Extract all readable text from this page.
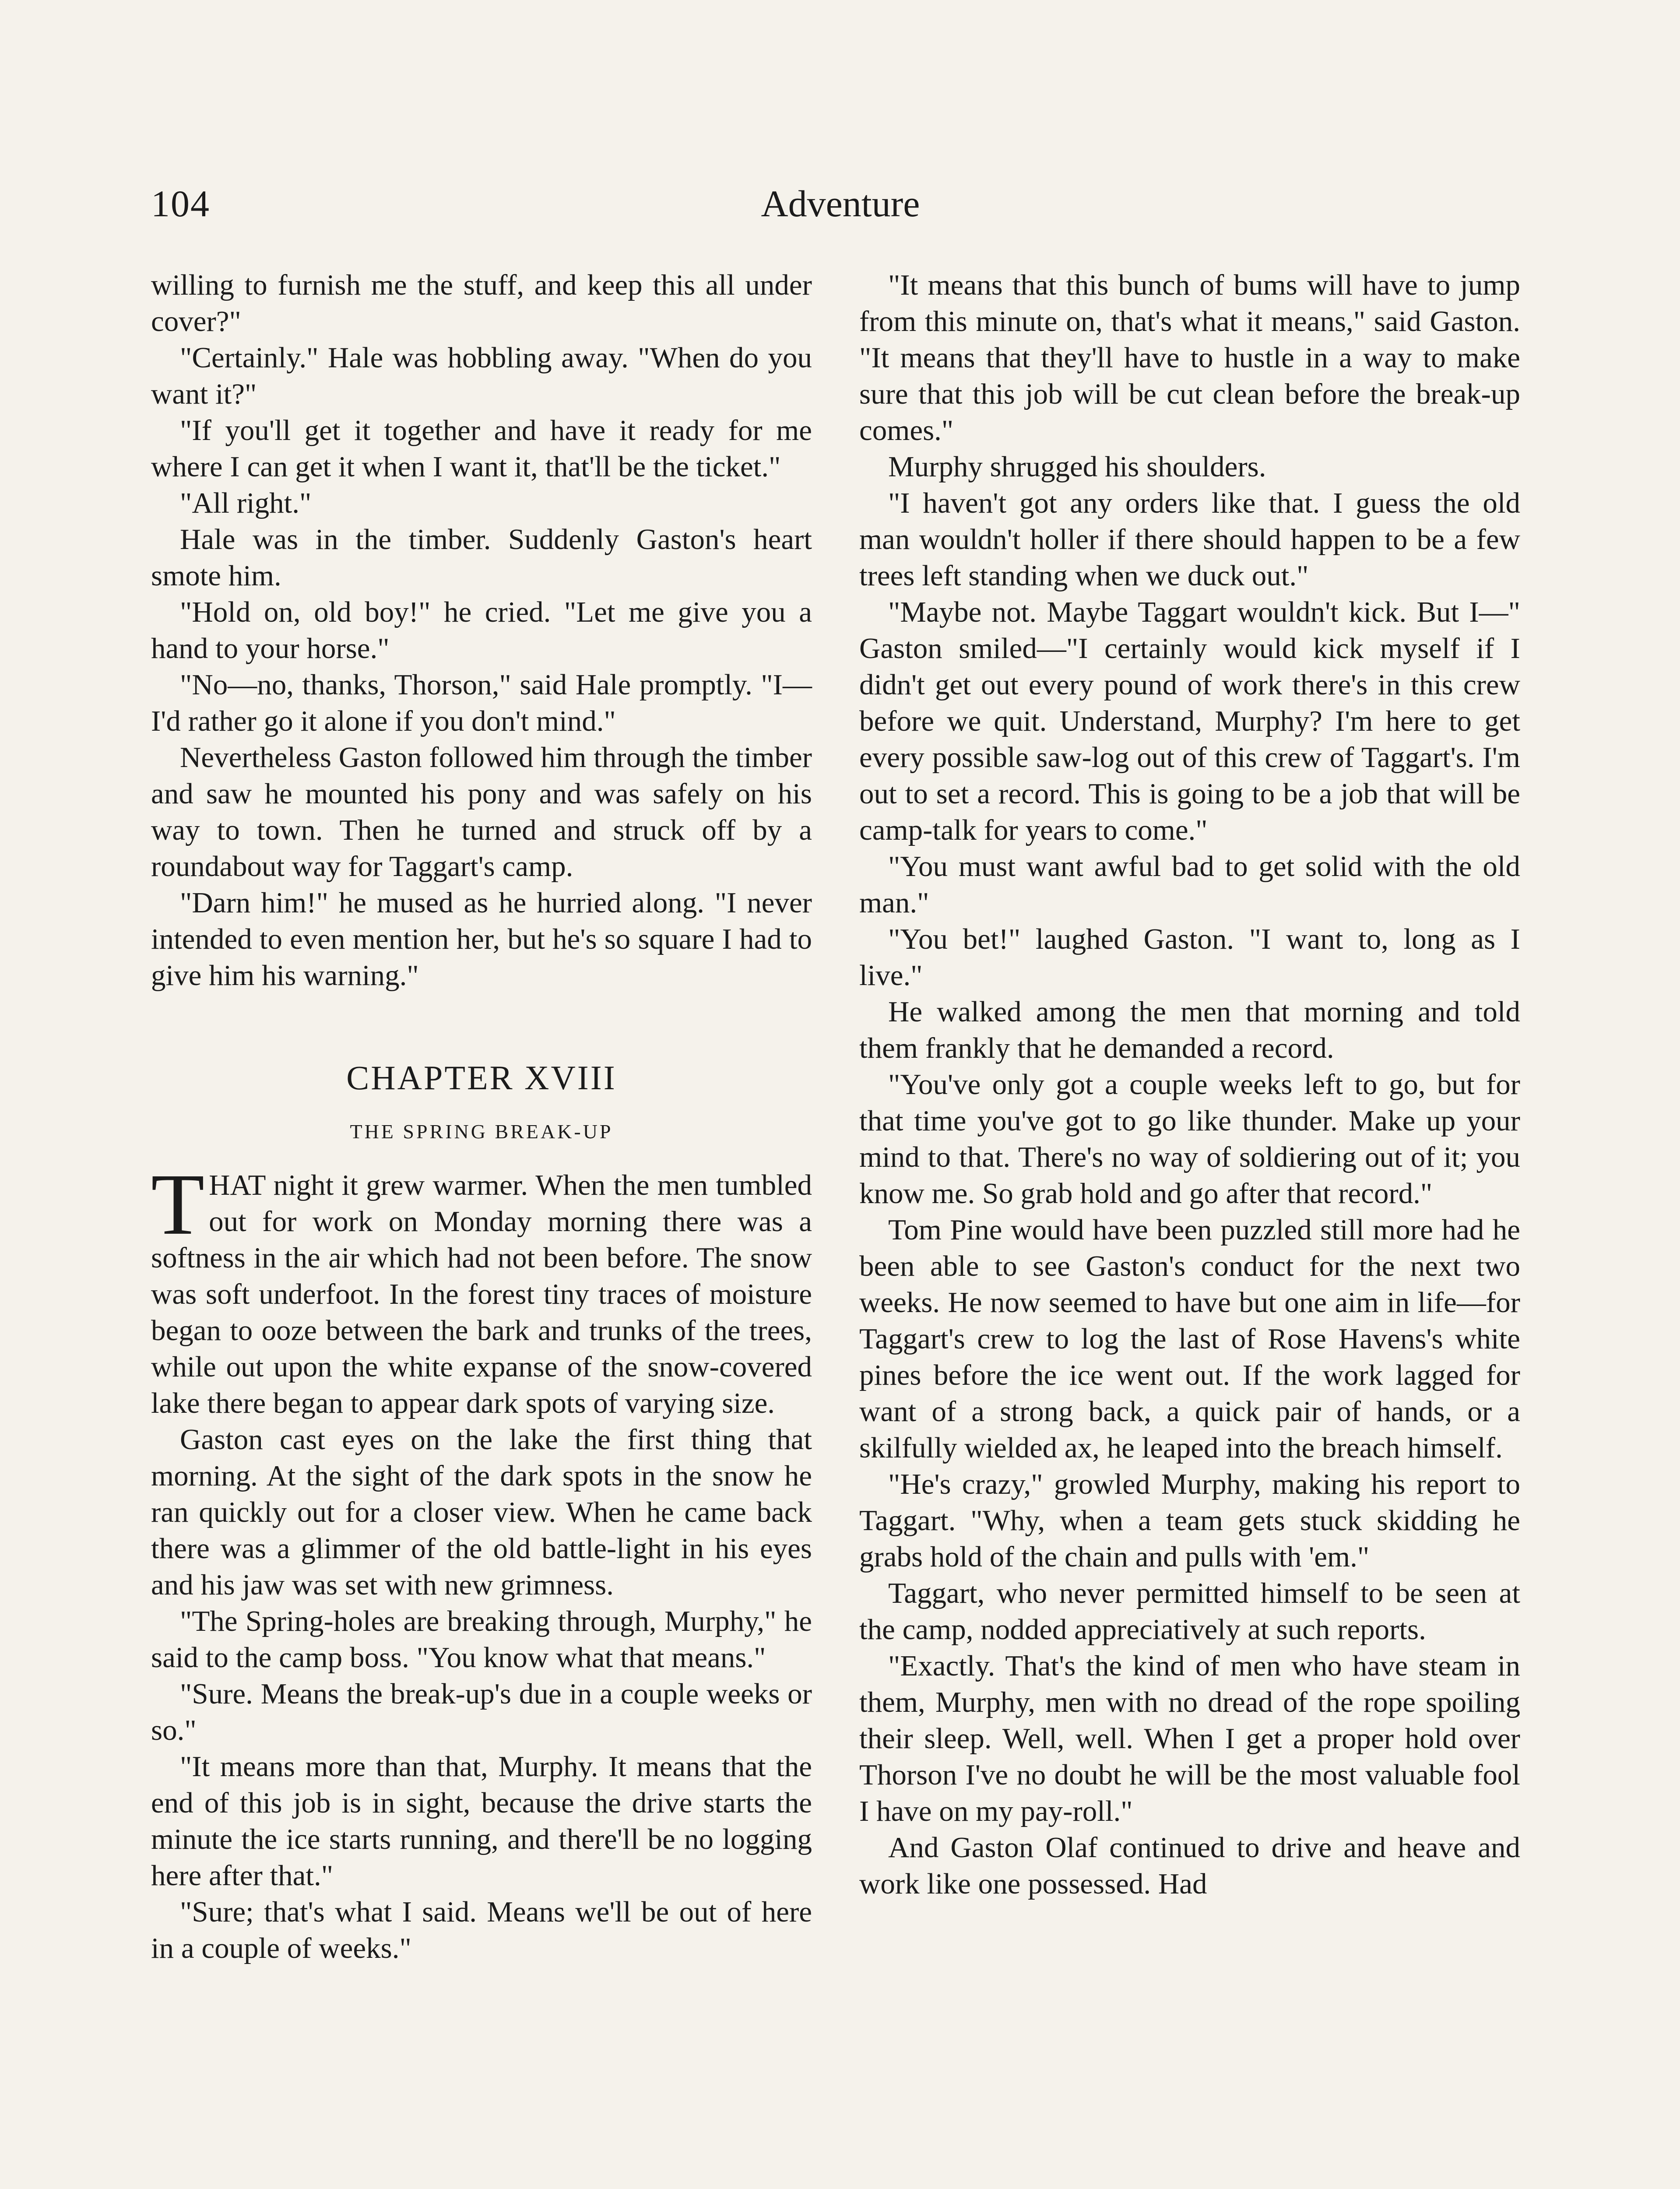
104	Adventure

willing to furnish me the stuff, and keep this all under cover?"

"Certainly." Hale was hobbling away. "When do you want it?"

"If you'll get it together and have it ready for me where I can get it when I want it, that'll be the ticket."

"All right."

Hale was in the timber. Suddenly Gaston's heart smote him.

"Hold on, old boy!" he cried. "Let me give you a hand to your horse."

"No—no, thanks, Thorson," said Hale promptly. "I—I'd rather go it alone if you don't mind."

Nevertheless Gaston followed him through the timber and saw he mounted his pony and was safely on his way to town. Then he turned and struck off by a roundabout way for Taggart's camp.

"Darn him!" he mused as he hurried along. "I never intended to even mention her, but he's so square I had to give him his warning."

CHAPTER XVIII

THE SPRING BREAK-UP

THAT night it grew warmer. When the men tumbled out for work on Monday morning there was a softness in the air which had not been before. The snow was soft underfoot. In the forest tiny traces of moisture began to ooze between the bark and trunks of the trees, while out upon the white expanse of the snow-covered lake there began to appear dark spots of varying size.

Gaston cast eyes on the lake the first thing that morning. At the sight of the dark spots in the snow he ran quickly out for a closer view. When he came back there was a glimmer of the old battle-light in his eyes and his jaw was set with new grimness.

"The Spring-holes are breaking through, Murphy," he said to the camp boss. "You know what that means."

"Sure. Means the break-up's due in a couple weeks or so."

"It means more than that, Murphy. It means that the end of this job is in sight, because the drive starts the minute the ice starts running, and there'll be no logging here after that."

"Sure; that's what I said. Means we'll be out of here in a couple of weeks."

"It means that this bunch of bums will have to jump from this minute on, that's what it means," said Gaston. "It means that they'll have to hustle in a way to make sure that this job will be cut clean before the break-up comes."

Murphy shrugged his shoulders.

"I haven't got any orders like that. I guess the old man wouldn't holler if there should happen to be a few trees left standing when we duck out."

"Maybe not. Maybe Taggart wouldn't kick. But I—" Gaston smiled—"I certainly would kick myself if I didn't get out every pound of work there's in this crew before we quit. Understand, Murphy? I'm here to get every possible saw-log out of this crew of Taggart's. I'm out to set a record. This is going to be a job that will be camp-talk for years to come."

"You must want awful bad to get solid with the old man."

"You bet!" laughed Gaston. "I want to, long as I live."

He walked among the men that morning and told them frankly that he demanded a record.

"You've only got a couple weeks left to go, but for that time you've got to go like thunder. Make up your mind to that. There's no way of soldiering out of it; you know me. So grab hold and go after that record."

Tom Pine would have been puzzled still more had he been able to see Gaston's conduct for the next two weeks. He now seemed to have but one aim in life—for Taggart's crew to log the last of Rose Havens's white pines before the ice went out. If the work lagged for want of a strong back, a quick pair of hands, or a skilfully wielded ax, he leaped into the breach himself.

"He's crazy," growled Murphy, making his report to Taggart. "Why, when a team gets stuck skidding he grabs hold of the chain and pulls with 'em."

Taggart, who never permitted himself to be seen at the camp, nodded appreciatively at such reports.

"Exactly. That's the kind of men who have steam in them, Murphy, men with no dread of the rope spoiling their sleep. Well, well. When I get a proper hold over Thorson I've no doubt he will be the most valuable fool I have on my pay-roll."

And Gaston Olaf continued to drive and heave and work like one possessed. Had
